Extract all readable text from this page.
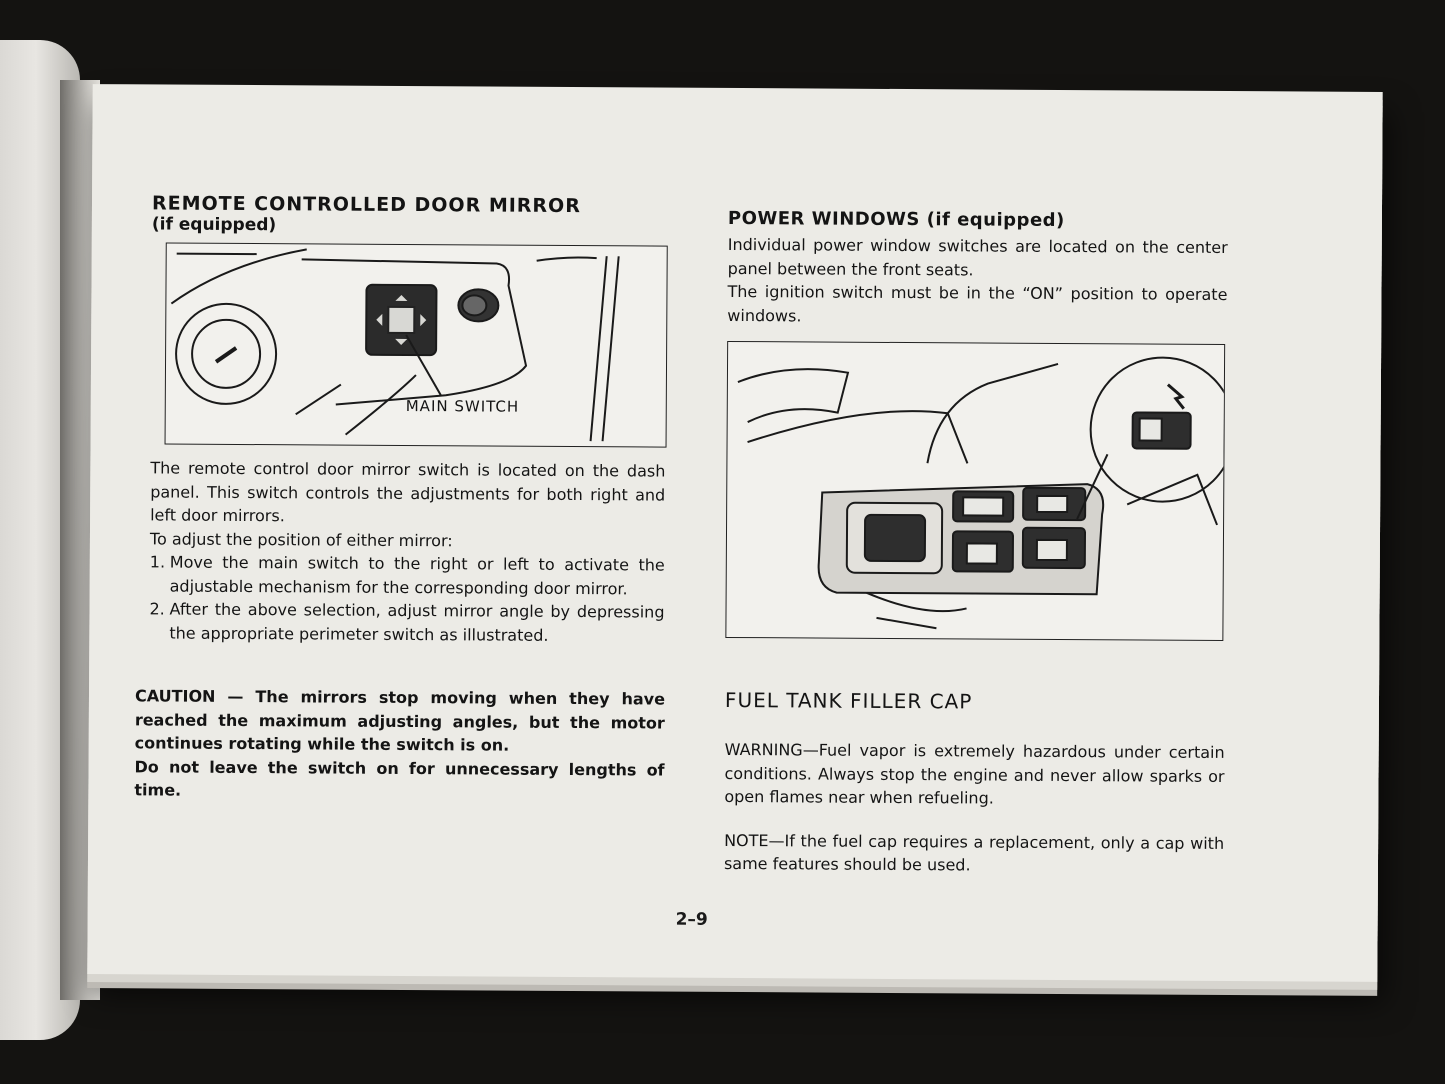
REMOTE CONTROLLED DOOR MIRROR

(if equipped)

MAIN SWITCH

The remote control door mirror switch is located on the dash panel. This switch controls the adjustments for both right and left door mirrors.

To adjust the position of either mirror:

1. Move the main switch to the right or left to activate the adjustable mechanism for the corresponding door mirror.

2. After the above selection, adjust mirror angle by depressing the appropriate perimeter switch as illustrated.

CAUTION — The mirrors stop moving when they have reached the maximum adjusting angles, but the motor continues rotating while the switch is on.

Do not leave the switch on for unnecessary lengths of time.

POWER WINDOWS (if equipped)

Individual power window switches are located on the center panel between the front seats.

The ignition switch must be in the “ON” position to operate windows.

FUEL TANK FILLER CAP

WARNING—Fuel vapor is extremely hazardous under certain conditions. Always stop the engine and never allow sparks or open flames near when refueling.

NOTE—If the fuel cap requires a replacement, only a cap with same features should be used.

2–9
